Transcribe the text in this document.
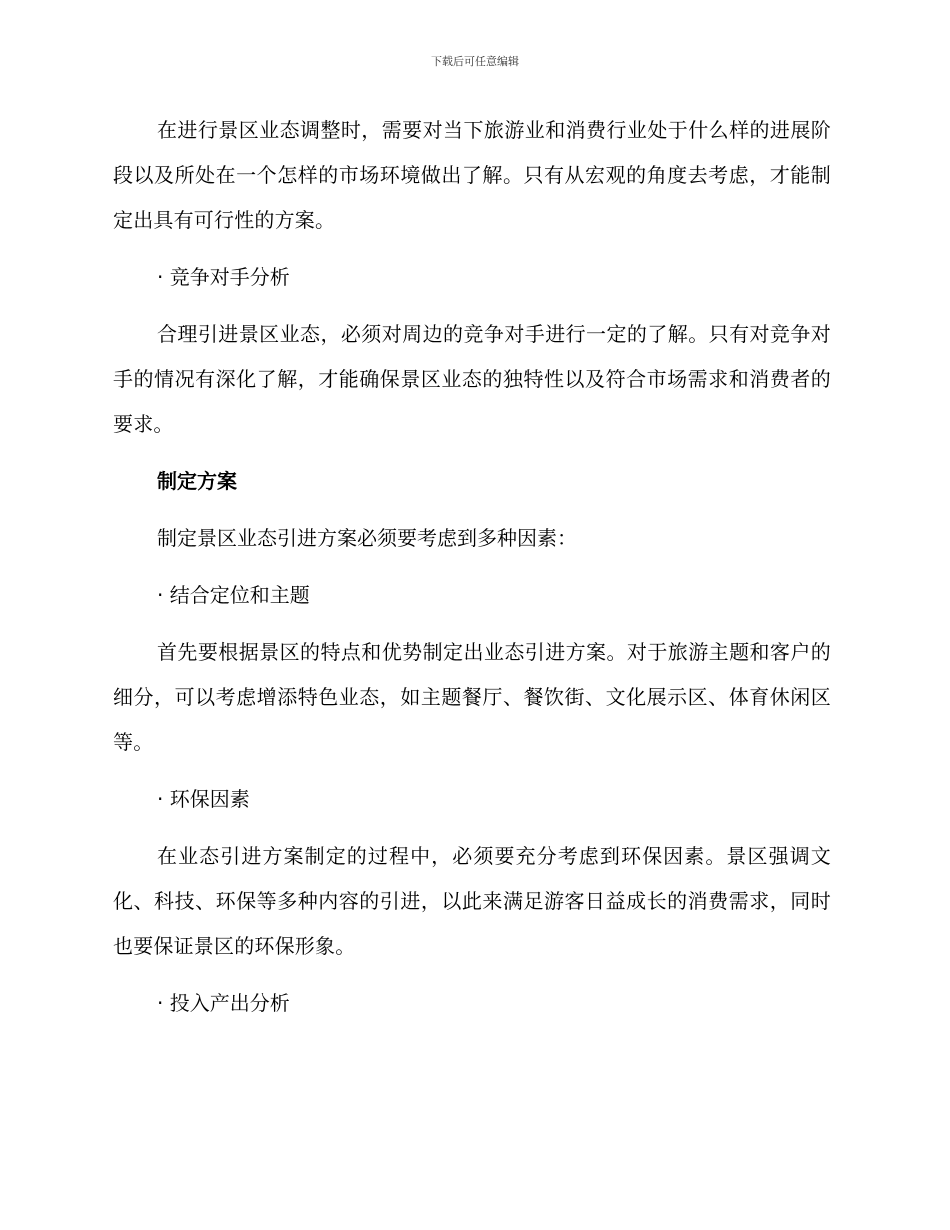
下载后可任意编辑

在进行景区业态调整时，需要对当下旅游业和消费行业处于什么样的进展阶段以及所处在一个怎样的市场环境做出了解。只有从宏观的角度去考虑，才能制定出具有可行性的方案。

· 竞争对手分析

合理引进景区业态，必须对周边的竞争对手进行一定的了解。只有对竞争对手的情况有深化了解，才能确保景区业态的独特性以及符合市场需求和消费者的要求。

制定方案

制定景区业态引进方案必须要考虑到多种因素：

· 结合定位和主题

首先要根据景区的特点和优势制定出业态引进方案。对于旅游主题和客户的细分，可以考虑增添特色业态，如主题餐厅、餐饮街、文化展示区、体育休闲区等。

· 环保因素

在业态引进方案制定的过程中，必须要充分考虑到环保因素。景区强调文化、科技、环保等多种内容的引进，以此来满足游客日益成长的消费需求，同时也要保证景区的环保形象。

· 投入产出分析
